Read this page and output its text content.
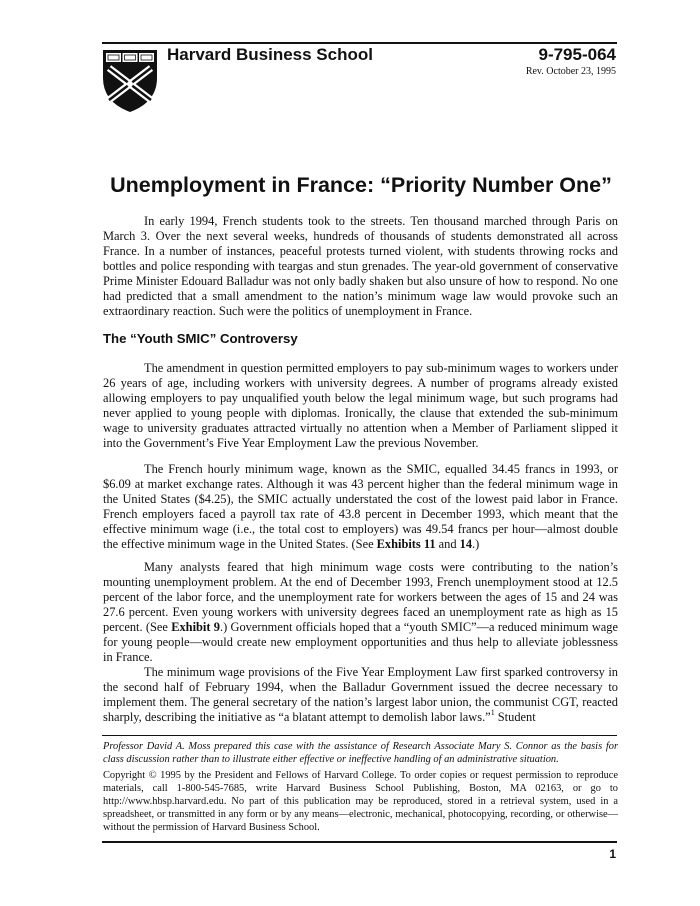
Harvard Business School	9-795-064
Rev. October 23, 1995
Unemployment in France: “Priority Number One”

In early 1994, French students took to the streets. Ten thousand marched through Paris on March 3. Over the next several weeks, hundreds of thousands of students demonstrated all across France. In a number of instances, peaceful protests turned violent, with students throwing rocks and bottles and police responding with teargas and stun grenades. The year-old government of conservative Prime Minister Edouard Balladur was not only badly shaken but also unsure of how to respond. No one had predicted that a small amendment to the nation’s minimum wage law would provoke such an extraordinary reaction. Such were the politics of unemployment in France.

The “Youth SMIC” Controversy

The amendment in question permitted employers to pay sub-minimum wages to workers under 26 years of age, including workers with university degrees. A number of programs already existed allowing employers to pay unqualified youth below the legal minimum wage, but such programs had never applied to young people with diplomas. Ironically, the clause that extended the sub-minimum wage to university graduates attracted virtually no attention when a Member of Parliament slipped it into the Government’s Five Year Employment Law the previous November.

The French hourly minimum wage, known as the SMIC, equalled 34.45 francs in 1993, or $6.09 at market exchange rates. Although it was 43 percent higher than the federal minimum wage in the United States ($4.25), the SMIC actually understated the cost of the lowest paid labor in France. French employers faced a payroll tax rate of 43.8 percent in December 1993, which meant that the effective minimum wage (i.e., the total cost to employers) was 49.54 francs per hour—almost double the effective minimum wage in the United States. (See Exhibits 11 and 14.)

Many analysts feared that high minimum wage costs were contributing to the nation’s mounting unemployment problem. At the end of December 1993, French unemployment stood at 12.5 percent of the labor force, and the unemployment rate for workers between the ages of 15 and 24 was 27.6 percent. Even young workers with university degrees faced an unemployment rate as high as 15 percent. (See Exhibit 9.) Government officials hoped that a “youth SMIC”—a reduced minimum wage for young people—would create new employment opportunities and thus help to alleviate joblessness in France.

The minimum wage provisions of the Five Year Employment Law first sparked controversy in the second half of February 1994, when the Balladur Government issued the decree necessary to implement them. The general secretary of the nation’s largest labor union, the communist CGT, reacted sharply, describing the initiative as “a blatant attempt to demolish labor laws.”$^1$ Student

Professor David A. Moss prepared this case with the assistance of Research Associate Mary S. Connor as the basis for class discussion rather than to illustrate either effective or ineffective handling of an administrative situation.
Copyright © 1995 by the President and Fellows of Harvard College. To order copies or request permission to reproduce materials, call 1-800-545-7685, write Harvard Business School Publishing, Boston, MA 02163, or go to http://www.hbsp.harvard.edu. No part of this publication may be reproduced, stored in a retrieval system, used in a spreadsheet, or transmitted in any form or by any means—electronic, mechanical, photocopying, recording, or otherwise—without the permission of Harvard Business School.
1
